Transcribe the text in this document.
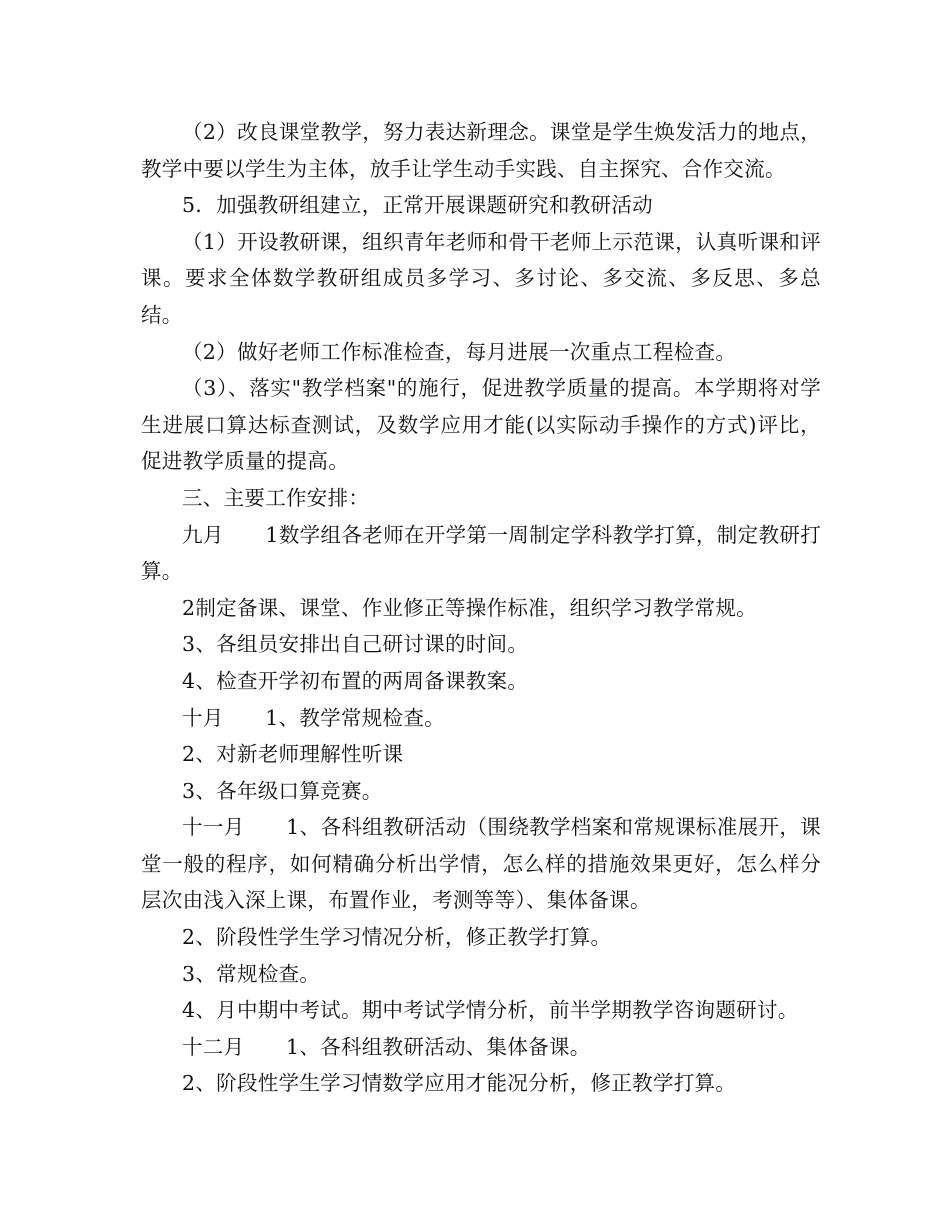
（2）改良课堂教学，努力表达新理念。课堂是学生焕发活力的地点，教学中要以学生为主体，放手让学生动手实践、自主探究、合作交流。

5．加强教研组建立，正常开展课题研究和教研活动

（1）开设教研课，组织青年老师和骨干老师上示范课，认真听课和评课。要求全体数学教研组成员多学习、多讨论、多交流、多反思、多总结。

（2）做好老师工作标准检查，每月进展一次重点工程检查。

（3）、落实"教学档案"的施行，促进教学质量的提高。本学期将对学生进展口算达标查测试，及数学应用才能(以实际动手操作的方式)评比，促进教学质量的提高。

三、主要工作安排：

九月　　1数学组各老师在开学第一周制定学科教学打算，制定教研打算。

2制定备课、课堂、作业修正等操作标准，组织学习教学常规。

3、各组员安排出自己研讨课的时间。

4、检查开学初布置的两周备课教案。

十月　　1、教学常规检查。

2、对新老师理解性听课

3、各年级口算竞赛。

十一月　　1、各科组教研活动（围绕教学档案和常规课标准展开，课堂一般的程序，如何精确分析出学情，怎么样的措施效果更好，怎么样分层次由浅入深上课，布置作业，考测等等）、集体备课。

2、阶段性学生学习情况分析，修正教学打算。

3、常规检查。

4、月中期中考试。期中考试学情分析，前半学期教学咨询题研讨。

十二月　　1、各科组教研活动、集体备课。

2、阶段性学生学习情数学应用才能况分析，修正教学打算。
